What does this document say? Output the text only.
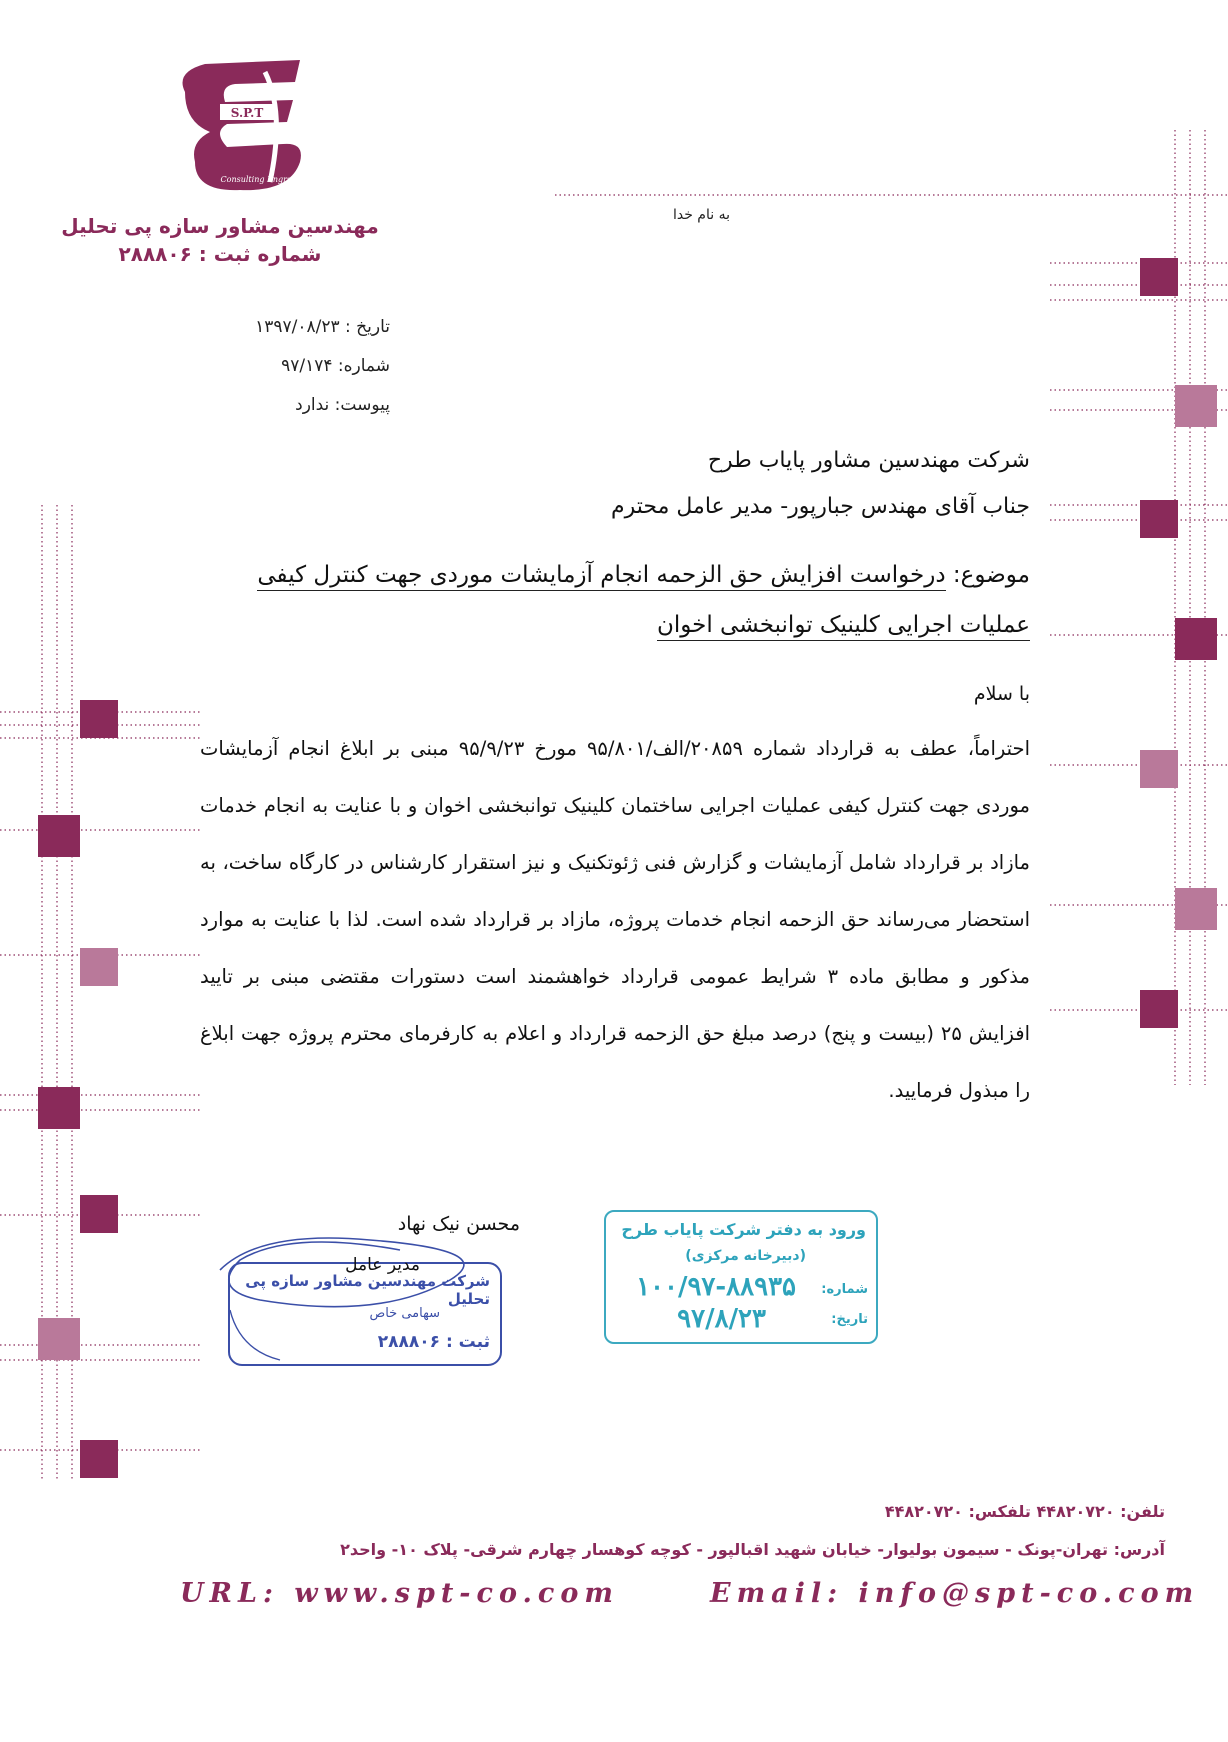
S.P.T
Consulting Engrs. Co.
مهندسین مشاور سازه پی تحلیل
شماره ثبت : ۲۸۸۸۰۶
به نام خدا
تاریخ : ۱۳۹۷/۰۸/۲۳
شماره: ۹۷/۱۷۴
پیوست: ندارد
شرکت مهندسین مشاور پایاب طرح
جناب آقای مهندس جبارپور- مدیر عامل محترم
موضوع: درخواست افزایش حق الزحمه انجام آزمایشات موردی جهت کنترل کیفی
عملیات اجرایی کلینیک توانبخشی اخوان
با سلام
احتراماً، عطف به قرارداد شماره ۲۰۸۵۹/الف/۹۵/۸۰۱ مورخ ۹۵/۹/۲۳ مبنی بر ابلاغ انجام آزمایشات موردی جهت کنترل کیفی عملیات اجرایی ساختمان کلینیک توانبخشی اخوان و با عنایت به انجام خدمات مازاد بر قرارداد شامل آزمایشات و گزارش فنی ژئوتکنیک و نیز استقرار کارشناس در کارگاه ساخت، به استحضار می‌رساند حق الزحمه انجام خدمات پروژه، مازاد بر قرارداد شده است. لذا با عنایت به موارد مذکور و مطابق ماده ۳ شرایط عمومی قرارداد خواهشمند است دستورات مقتضی مبنی بر تایید افزایش ۲۵ (بیست و پنج) درصد مبلغ حق الزحمه قرارداد و اعلام به کارفرمای محترم پروژه جهت ابلاغ را مبذول فرمایید.
محسن نیک نهاد
شرکت مهندسین مشاور سازه پی تحلیل
سهامی خاص
ثبت : ۲۸۸۸۰۶
مدیر عامل
ورود به دفتر شرکت پایاب طرح
(دبیرخانه مرکزی)
شماره:
۱۰۰/۹۷-۸۸۹۳۵
تاریخ:
۹۷/۸/۲۳
تلفن: ۴۴۸۲۰۷۲۰ تلفکس: ۴۴۸۲۰۷۲۰
آدرس: تهران-پونک - سیمون بولیوار- خیابان شهید اقبالپور - کوچه کوهسار چهارم شرقی- پلاک ۱۰- واحد۲
URL: www.spt-co.com	Email: info@spt-co.com
